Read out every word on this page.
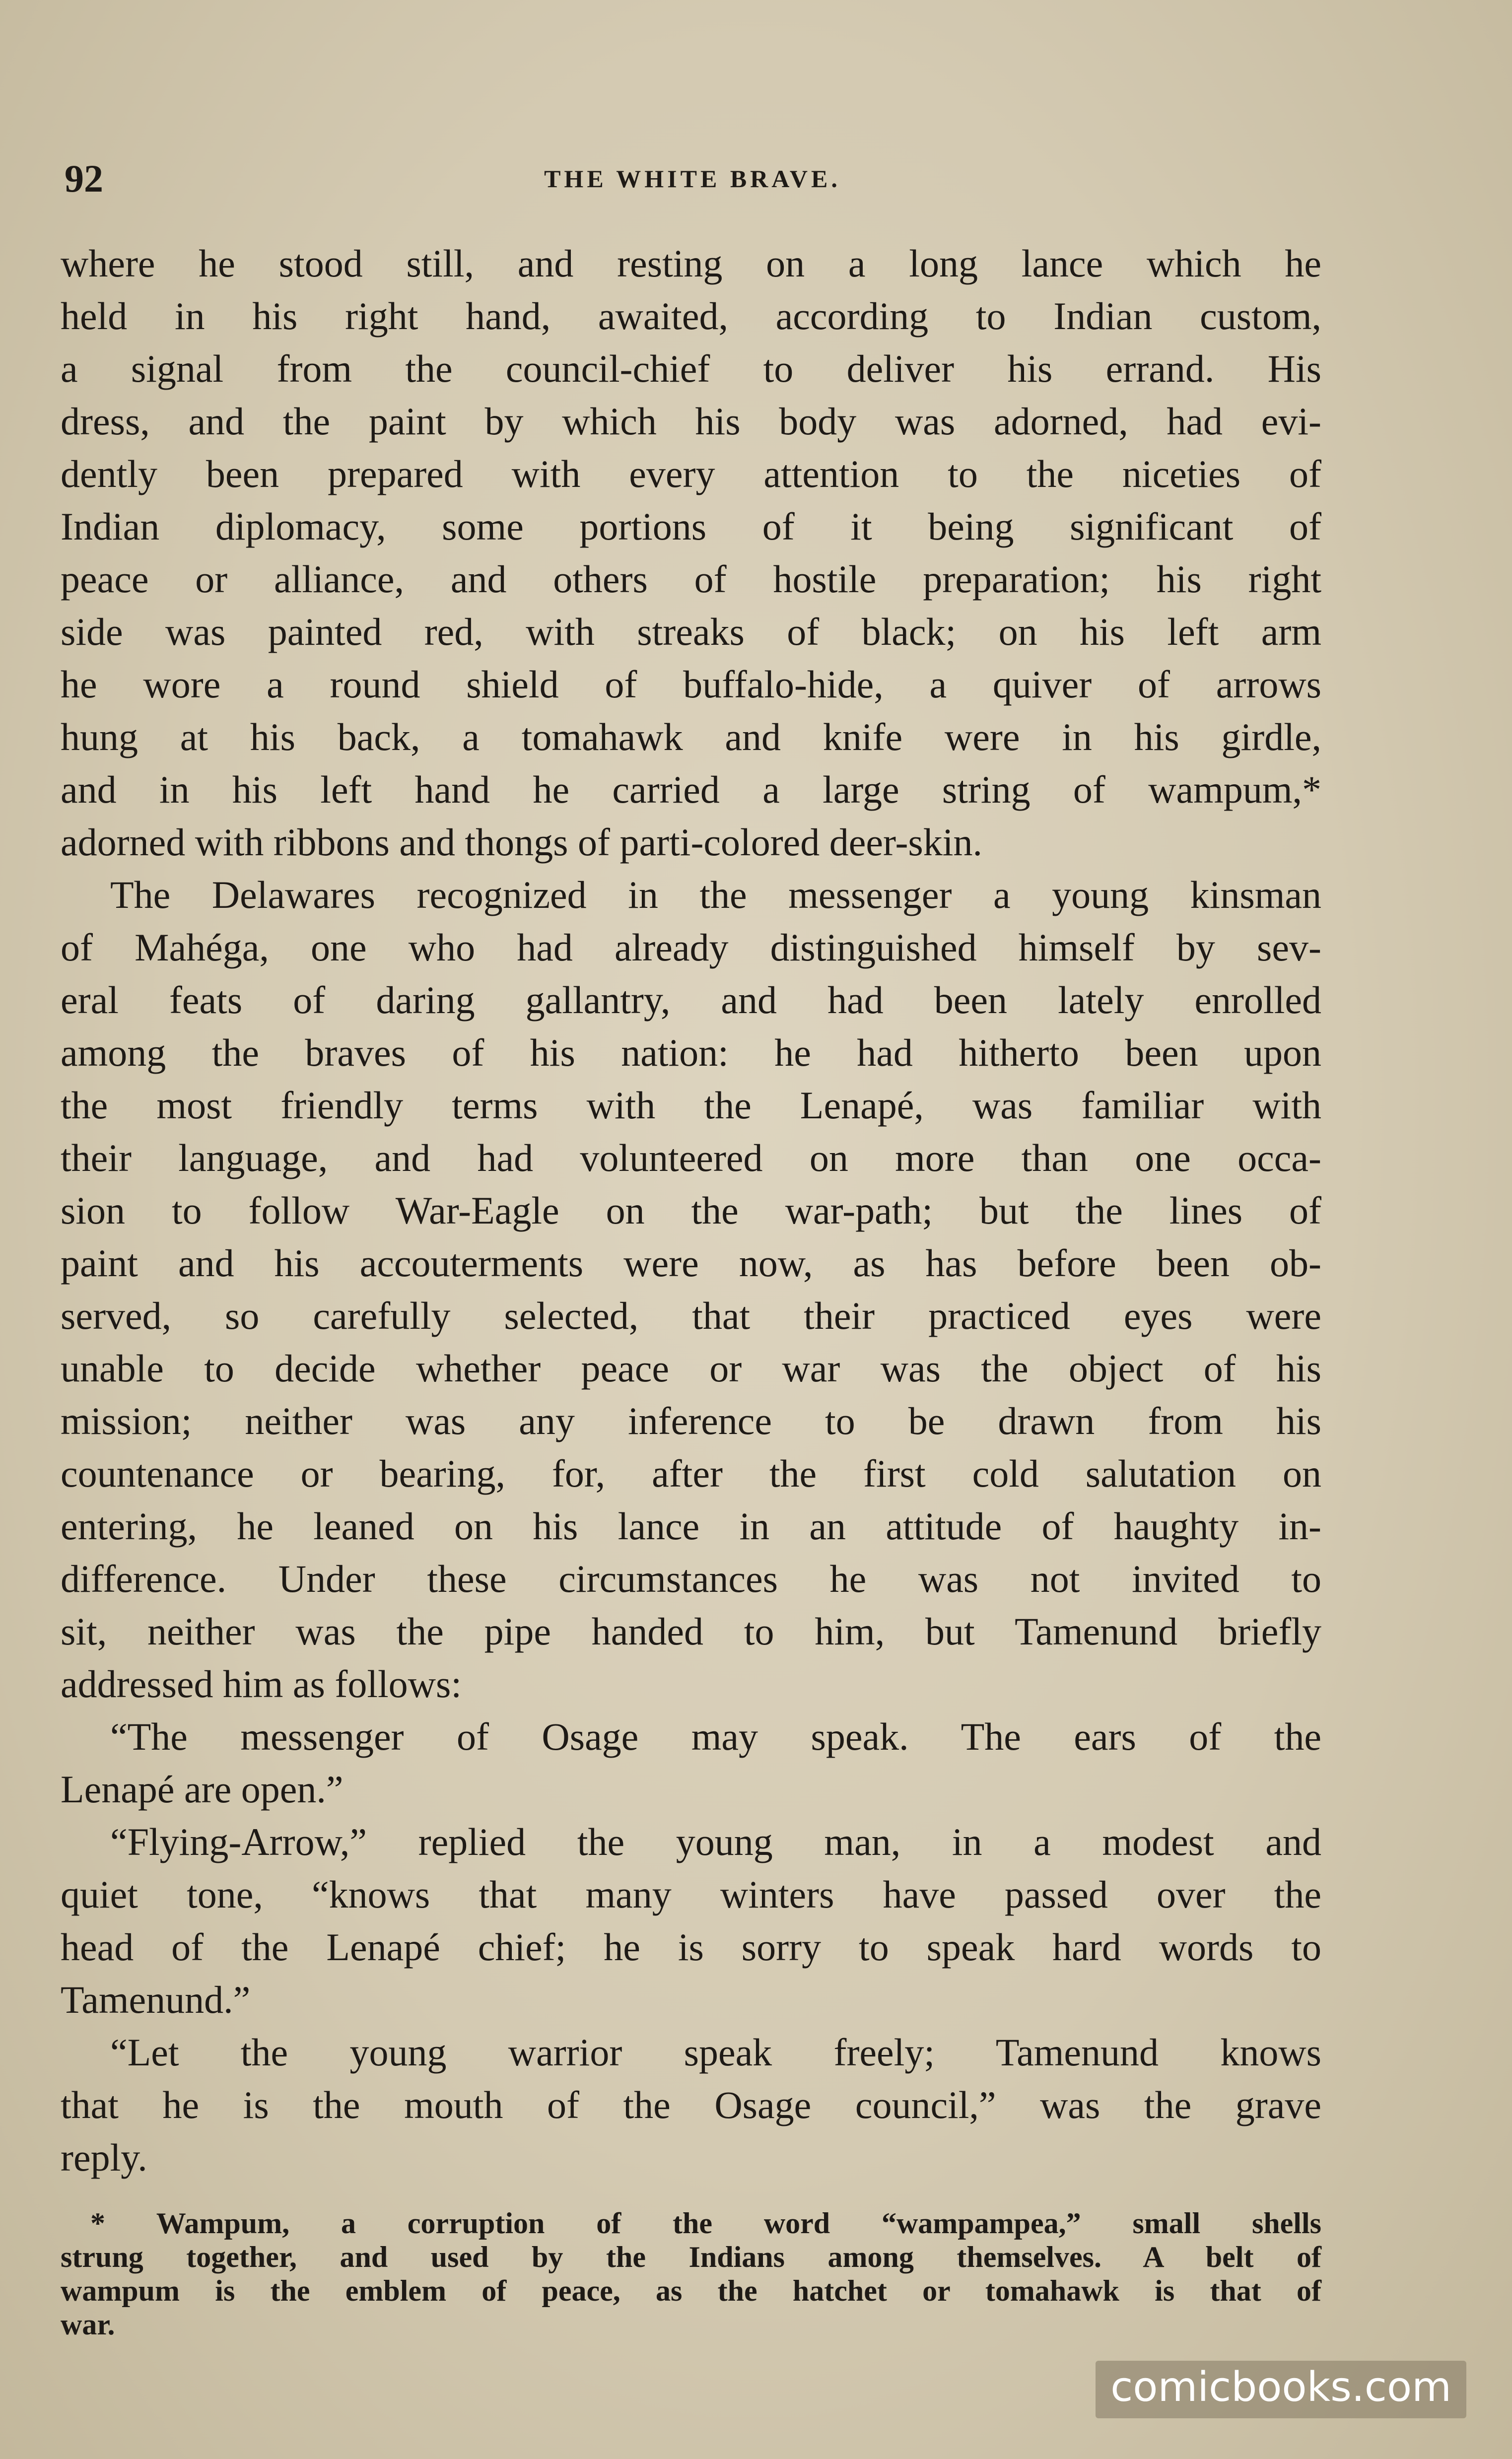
92	THE WHITE BRAVE.

where he stood still, and resting on a long lance which he

held in his right hand, awaited, according to Indian custom,

a signal from the council-chief to deliver his errand. His

dress, and the paint by which his body was adorned, had evi-

dently been prepared with every attention to the niceties of

Indian diplomacy, some portions of it being significant of

peace or alliance, and others of hostile preparation; his right

side was painted red, with streaks of black; on his left arm

he wore a round shield of buffalo-hide, a quiver of arrows

hung at his back, a tomahawk and knife were in his girdle,

and in his left hand he carried a large string of wampum,*

adorned with ribbons and thongs of parti-colored deer-skin.

The Delawares recognized in the messenger a young kinsman

of Mahéga, one who had already distinguished himself by sev-

eral feats of daring gallantry, and had been lately enrolled

among the braves of his nation: he had hitherto been upon

the most friendly terms with the Lenapé, was familiar with

their language, and had volunteered on more than one occa-

sion to follow War-Eagle on the war-path; but the lines of

paint and his accouterments were now, as has before been ob-

served, so carefully selected, that their practiced eyes were

unable to decide whether peace or war was the object of his

mission; neither was any inference to be drawn from his

countenance or bearing, for, after the first cold salutation on

entering, he leaned on his lance in an attitude of haughty in-

difference. Under these circumstances he was not invited to

sit, neither was the pipe handed to him, but Tamenund briefly

addressed him as follows:

“The messenger of Osage may speak. The ears of the

Lenapé are open.”

“Flying-Arrow,” replied the young man, in a modest and

quiet tone, “knows that many winters have passed over the

head of the Lenapé chief; he is sorry to speak hard words to

Tamenund.”

“Let the young warrior speak freely; Tamenund knows

that he is the mouth of the Osage council,” was the grave

reply.

* Wampum, a corruption of the word “wampampea,” small shells

strung together, and used by the Indians among themselves. A belt of

wampum is the emblem of peace, as the hatchet or tomahawk is that of

war.

comicbooks.com
